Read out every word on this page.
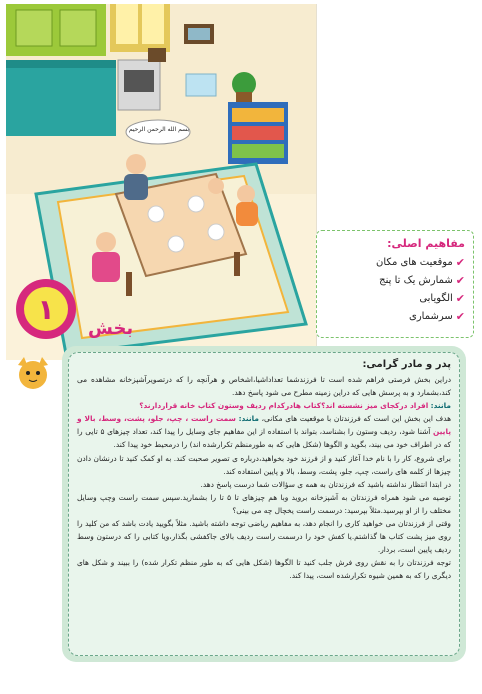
بسم الله الرحمن الرحیم
۱
بخش
مفاهیم اصلی:
✔
موقعیت های مکان
✔
شمارش یک تا پنج
✔
الگویابی
✔
سرشماری
پدر و مادر گرامی:

دراین بخش فرصتی فراهم شده است تا فرزندشما تعداداشیا،اشخاص و هرآنچه را که درتصویرآشپزخانه مشاهده می کند،بشمارد و به پرسش هایی که دراین زمینه مطرح می شود پاسخ دهد.

مانند: افراد درکجای میز نشسته اند؟کتاب هادرکدام ردیف وستون کتاب خانه قراردارند؟

هدف این بخش این است که فرزندتان با موقعیت های مکانی، مانند: سمت راست ، چپ، جلو، پشت، وسط، بالا و پایین آشنا شود، ردیف وستون را بشناسد، بتواند با استفاده از این مفاهیم جای وسایل را پیدا کند، تعداد چیزهای ۵ تایی را که در اطراف خود می بیند، بگوید و الگوها (شکل هایی که به طورمنظم تکرارشده اند) را درمحیط خود پیدا کند.

برای شروع، کار را با نام خدا آغاز کنید و از فرزند خود بخواهید،درباره ی تصویر صحبت کند. به او کمک کنید تا درنشان دادن چیزها از کلمه های راست، چپ، جلو، پشت، وسط، بالا و پایین استفاده کند.

در ابتدا انتظار نداشته باشید که فرزندتان به همه ی سؤالات شما درست پاسخ دهد.

توصیه می شود همراه فرزندتان به آشپزخانه بروید وبا هم چیزهای تا ۵ تا را بشمارید.سپس سمت راست وچپ وسایل مختلف را از او بپرسید.مثلاً بپرسید: درسمت راست یخچال چه می بینی؟

وقتی از فرزندتان می خواهید کاری را انجام دهد، به مفاهیم ریاضی توجه داشته باشید. مثلاً بگویید یادت باشد که من کلید را روی میز پشت کتاب ها گذاشتم.یا کفش خود را درسمت راست ردیف بالای جاکفشی بگذار،ویا کتابی را که درستون وسط ردیف پایین است، بردار.

توجه فرزندتان را به نقش روی فرش جلب کنید تا الگوها (شکل هایی که به طور منظم تکرار شده) را ببیند و شکل های دیگری را که به همین شیوه تکرارشده است، پیدا کند.
